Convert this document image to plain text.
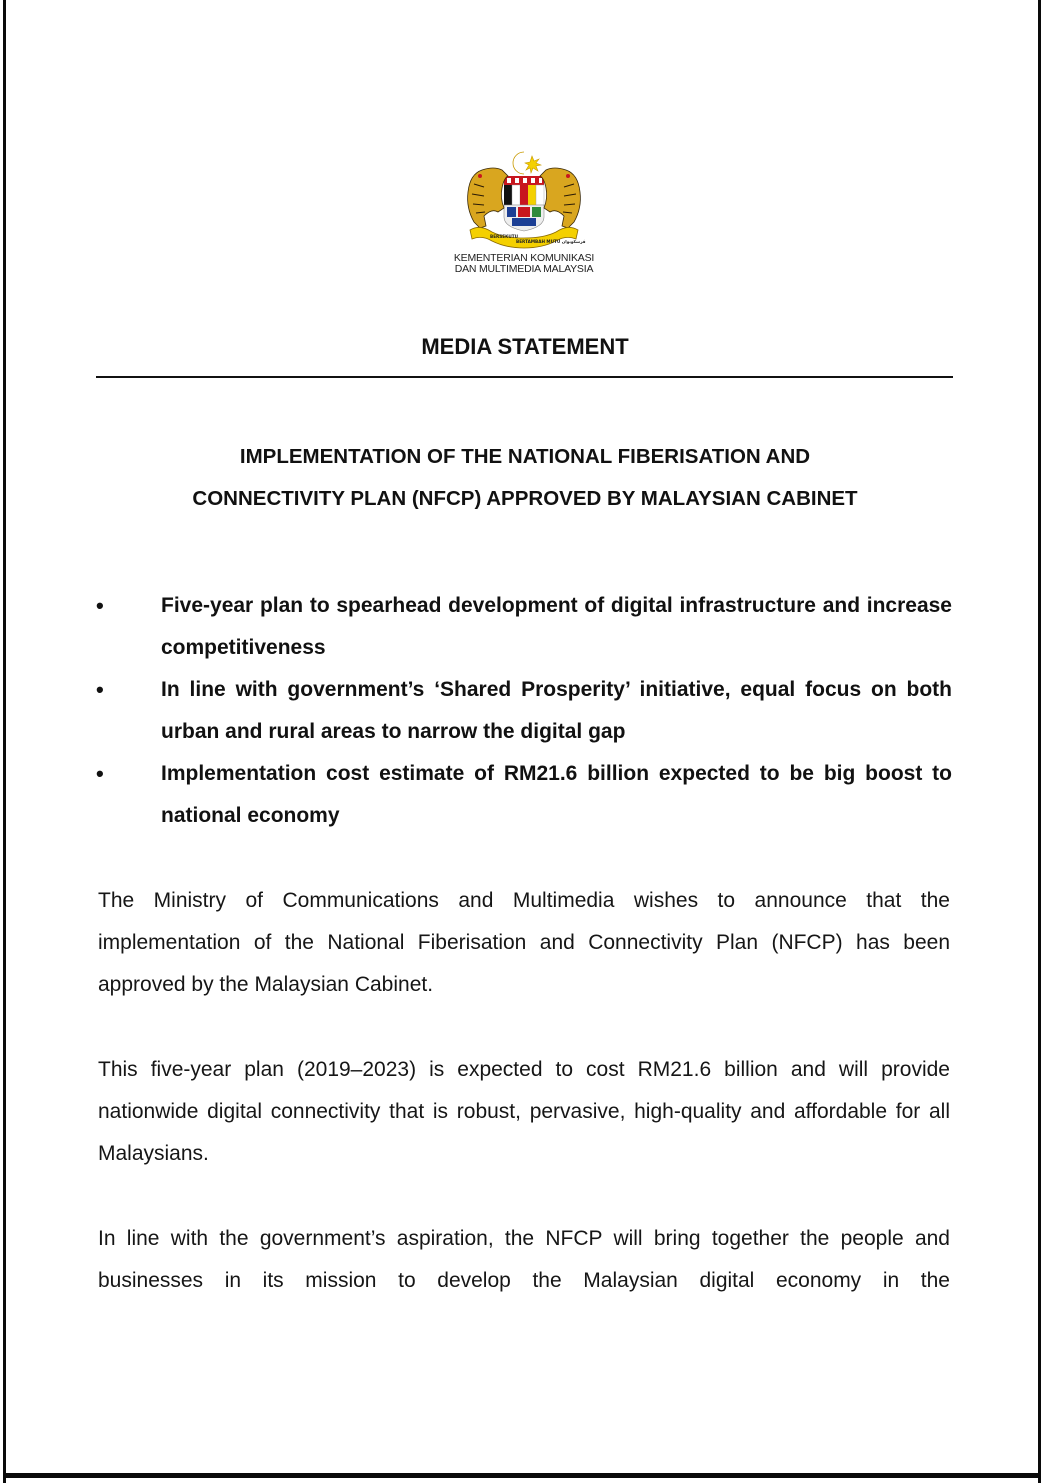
BERSEKUTU
BERTAMBAH MUTU ڤرسكوتوان
KEMENTERIAN KOMUNIKASI
DAN MULTIMEDIA MALAYSIA
MEDIA STATEMENT
IMPLEMENTATION OF THE NATIONAL FIBERISATION AND
CONNECTIVITY PLAN (NFCP) APPROVED BY MALAYSIAN CABINET
•	Five-year plan to spearhead development of digital infrastructure and increase competitiveness
•	In line with government’s ‘Shared Prosperity’ initiative, equal focus on both urban and rural areas to narrow the digital gap
•	Implementation cost estimate of RM21.6 billion expected to be big boost to national economy
The Ministry of Communications and Multimedia wishes to announce that the implementation of the National Fiberisation and Connectivity Plan (NFCP) has been approved by the Malaysian Cabinet.
This five-year plan (2019–2023) is expected to cost RM21.6 billion and will provide nationwide digital connectivity that is robust, pervasive, high-quality and affordable for all Malaysians.
In line with the government’s aspiration, the NFCP will bring together the people and businesses in its mission to develop the Malaysian digital economy in the
